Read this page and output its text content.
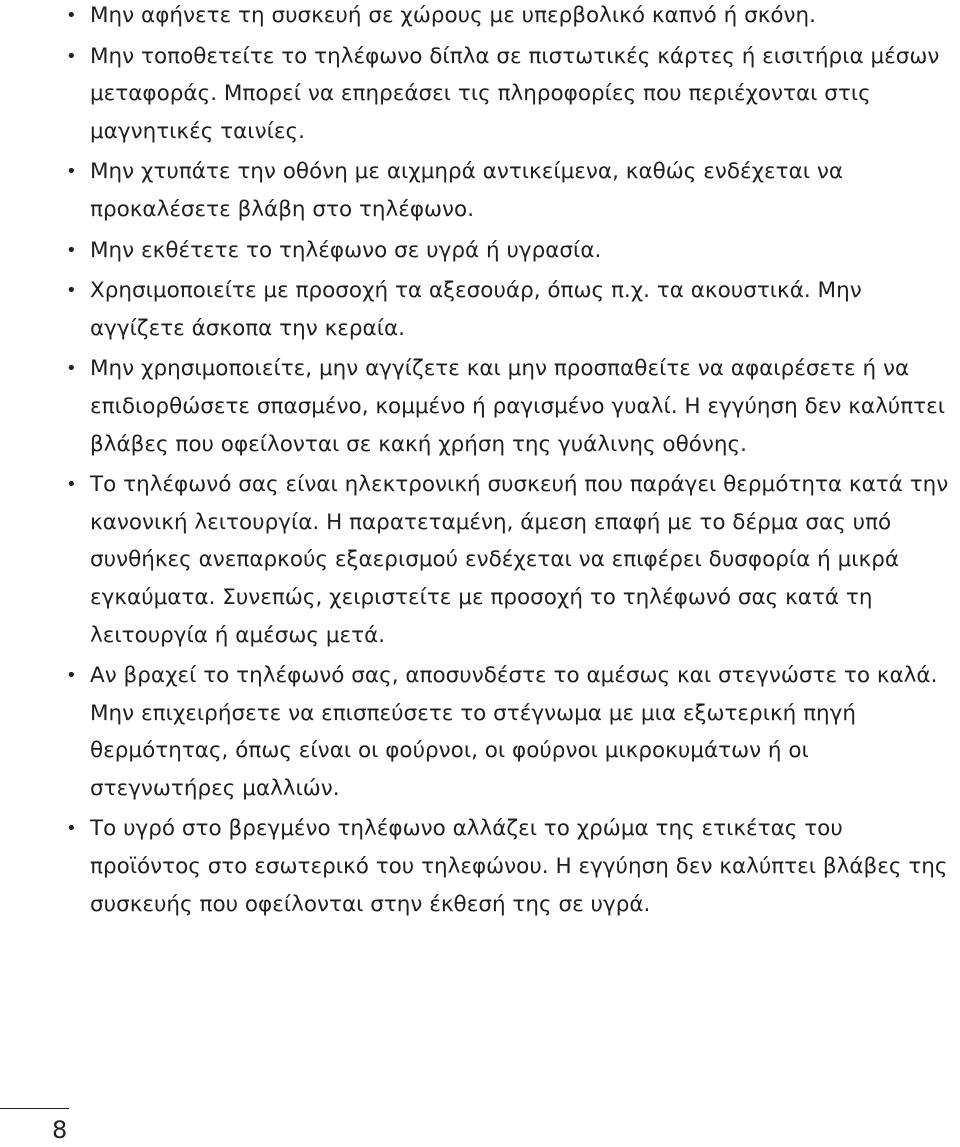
• Μην αφήνετε τη συσκευή σε χώρους με υπερβολικό καπνό ή σκόνη.
• Μην τοποθετείτε το τηλέφωνο δίπλα σε πιστωτικές κάρτες ή εισιτήρια μέσων μεταφοράς. Μπορεί να επηρεάσει τις πληροφορίες που περιέχονται στις μαγνητικές ταινίες.
• Μην χτυπάτε την οθόνη με αιχμηρά αντικείμενα, καθώς ενδέχεται να προκαλέσετε βλάβη στο τηλέφωνο.
• Μην εκθέτετε το τηλέφωνο σε υγρά ή υγρασία.
• Χρησιμοποιείτε με προσοχή τα αξεσουάρ, όπως π.χ. τα ακουστικά. Μην αγγίζετε άσκοπα την κεραία.
• Μην χρησιμοποιείτε, μην αγγίζετε και μην προσπαθείτε να αφαιρέσετε ή να επιδιορθώσετε σπασμένο, κομμένο ή ραγισμένο γυαλί. Η εγγύηση δεν καλύπτει βλάβες που οφείλονται σε κακή χρήση της γυάλινης οθόνης.
• Το τηλέφωνό σας είναι ηλεκτρονική συσκευή που παράγει θερμότητα κατά την κανονική λειτουργία. Η παρατεταμένη, άμεση επαφή με το δέρμα σας υπό συνθήκες ανεπαρκούς εξαερισμού ενδέχεται να επιφέρει δυσφορία ή μικρά εγκαύματα. Συνεπώς, χειριστείτε με προσοχή το τηλέφωνό σας κατά τη λειτουργία ή αμέσως μετά.
• Αν βραχεί το τηλέφωνό σας, αποσυνδέστε το αμέσως και στεγνώστε το καλά. Μην επιχειρήσετε να επισπεύσετε το στέγνωμα με μια εξωτερική πηγή θερμότητας, όπως είναι οι φούρνοι, οι φούρνοι μικροκυμάτων ή οι στεγνωτήρες μαλλιών.
• Το υγρό στο βρεγμένο τηλέφωνο αλλάζει το χρώμα της ετικέτας του προϊόντος στο εσωτερικό του τηλεφώνου. Η εγγύηση δεν καλύπτει βλάβες της συσκευής που οφείλονται στην έκθεσή της σε υγρά.
8
